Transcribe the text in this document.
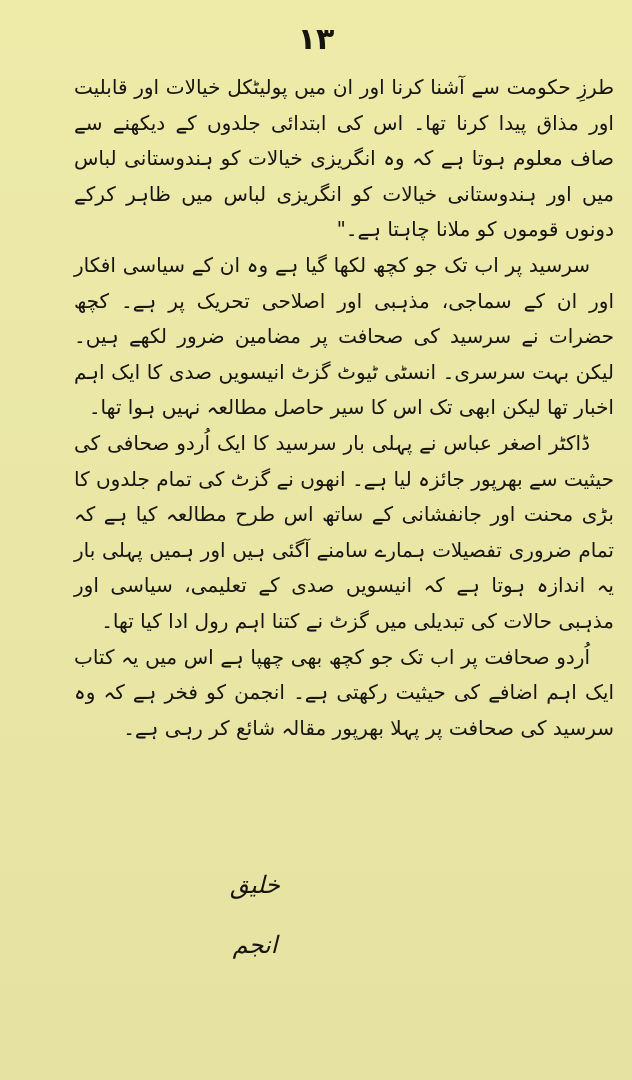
۱۳

طرزِ حکومت سے آشنا کرنا اور ان میں پولیٹکل خیالات اور قابلیت اور مذاق پیدا کرنا تھا۔ اس کی ابتدائی جلدوں کے دیکھنے سے صاف معلوم ہوتا ہے کہ وہ انگریزی خیالات کو ہندوستانی لباس میں اور ہندوستانی خیالات کو انگریزی لباس میں ظاہر کرکے دونوں قوموں کو ملانا چاہتا ہے۔"

سرسید پر اب تک جو کچھ لکھا گیا ہے وہ ان کے سیاسی افکار اور ان کے سماجی، مذہبی اور اصلاحی تحریک پر ہے۔ کچھ حضرات نے سرسید کی صحافت پر مضامین ضرور لکھے ہیں۔ لیکن بہت سرسری۔ انسٹی ٹیوٹ گزٹ انیسویں صدی کا ایک اہم اخبار تھا لیکن ابھی تک اس کا سیر حاصل مطالعہ نہیں ہوا تھا۔

ڈاکٹر اصغر عباس نے پہلی بار سرسید کا ایک اُردو صحافی کی حیثیت سے بھرپور جائزہ لیا ہے۔ انھوں نے گزٹ کی تمام جلدوں کا بڑی محنت اور جانفشانی کے ساتھ اس طرح مطالعہ کیا ہے کہ تمام ضروری تفصیلات ہمارے سامنے آگئی ہیں اور ہمیں پہلی بار یہ اندازہ ہوتا ہے کہ انیسویں صدی کے تعلیمی، سیاسی اور مذہبی حالات کی تبدیلی میں گزٹ نے کتنا اہم رول ادا کیا تھا۔

اُردو صحافت پر اب تک جو کچھ بھی چھپا ہے اس میں یہ کتاب ایک اہم اضافے کی حیثیت رکھتی ہے۔ انجمن کو فخر ہے کہ وہ سرسید کی صحافت پر پہلا بھرپور مقالہ شائع کر رہی ہے۔

خلیق انجم
